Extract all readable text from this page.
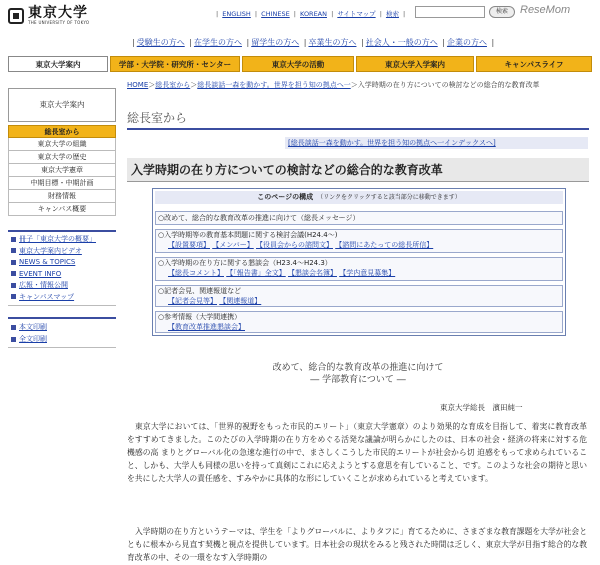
東京大学
THE UNIVERSITY OF TOKYO
| ENGLISH | CHINESE | KOREAN | サイトマップ | 検索 |	検索	ReseMom
| 受験生の方へ | 在学生の方へ | 留学生の方へ | 卒業生の方へ | 社会人・一般の方へ | 企業の方へ |
東京大学案内	学部・大学院・研究所・センター	東京大学の活動	東京大学入学案内	キャンパスライフ
HOME＞総長室から＞総長談話一森を動かす。世界を担う知の拠点へ一＞入学時期の在り方についての検討などの総合的な教育改革
総長室から
[総長談話一森を動かす。世界を担う知の拠点へ一インデックスへ]
入学時期の在り方についての検討などの総合的な教育改革
東京大学案内
総長室から
東京大学の組織
東京大学の歴史
東京大学憲章
中期目標・中期計画
財務情報
キャンパス概要
冊子「東京大学の概要」
東京大学案内ビデオ
NEWS & TOPICS
EVENT INFO
広報・情報公開
キャンパスマップ
本文印刷
全文印刷
このページの構成　 （リンクをクリックすると該当部分に移動できます）
○改めて、総合的な教育改革の推進に向けて（総長メッセージ）
○入学時期等の教育基本問題に関する検討会議(H24.4〜)
【設置要項】 【メンバー】 【役員会からの諮問文】 【諮問にあたっての総長所信】
○入学時期の在り方に関する懇談会（H23.4〜H24.3）
【総長コメント】 【「報告書」全文】 【懇談会名簿】 【学内意見募集】
○記者会見、関連報道など
【記者会見等】 【関連報道】
○参考情報（大学間連携）
【教育改革推進懇談会】
改めて、総合的な教育改革の推進に向けて
― 学部教育について ―
東京大学総長　濱田純一
東京大学においては、「世界的視野をもった市民的エリート」（東京大学憲章）のより効果的な育成を目指して、着実に教育改革をすすめてきました。このたびの入学時期の在り方をめぐる活発な議論が明らかにしたのは、日本の社会・経済の将来に対する危機感の高 まりとグローバル化の急速な進行の中で、まさしくこうした市民的エリートが社会から切 迫感をもって求められていること、しかも、大学人も同様の思いを持って真剣にこれに応えようとする意思を有していること、です。このような社会の期待と思いを共にした大学人の責任感を、すみやかに具体的な形にしていくことが求められていると考えています。
入学時期の在り方というテーマは、学生を「よりグローバルに、よりタフに」育てるために、さまざまな教育課題を大学が社会とともに根本から見直す契機と視点を提供しています。日本社会の現状をみると残された時間は乏しく、東京大学が目指す総合的な教育改革の中、その一環をなす入学時期の
